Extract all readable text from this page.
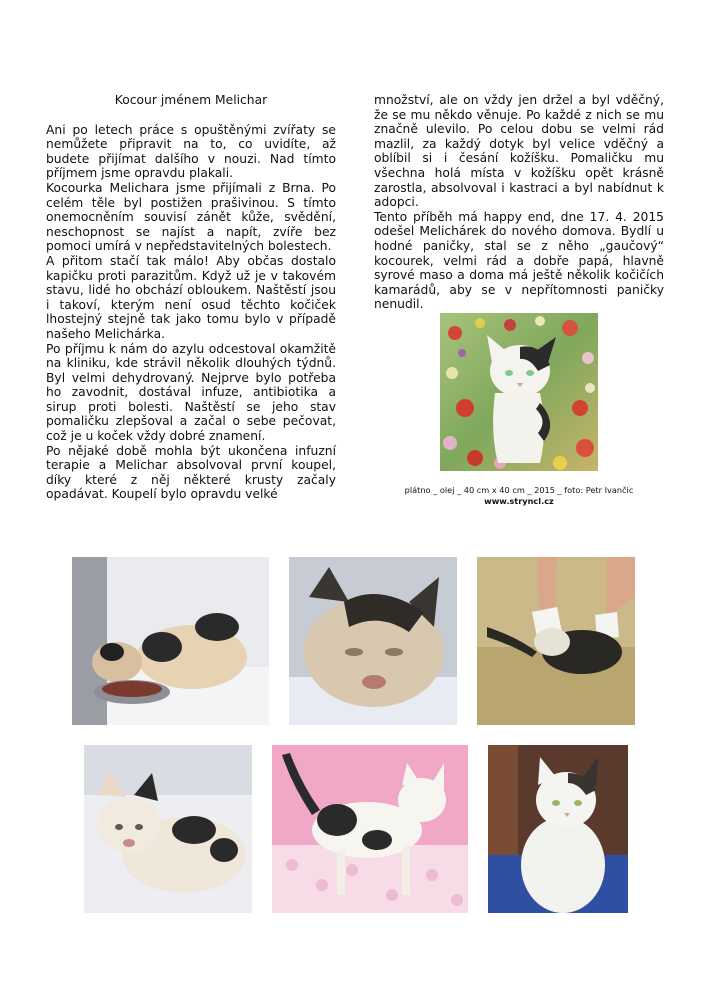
Kocour jménem Melichar

Ani po letech práce s opuštěnými zvířaty se nemůžete připravit na to, co uvidíte, až budete přijímat dalšího v nouzi. Nad tímto příjmem jsme opravdu plakali.

Kocourka Melichara jsme přijímali z Brna. Po celém těle byl postižen prašivinou. S tímto onemocněním souvisí zánět kůže, svědění, neschopnost se najíst a napít, zvíře bez pomoci umírá v nepředstavitelných bolestech.

A přitom stačí tak málo! Aby občas dostalo kapičku proti parazitům. Když už je v takovém stavu, lidé ho obchází obloukem. Naštěstí jsou i takoví, kterým není osud těchto kočiček lhostejný stejně tak jako tomu bylo v případě našeho Melichárka.

Po příjmu k nám do azylu odcestoval okamžitě na kliniku, kde strávil několik dlouhých týdnů. Byl velmi dehydrovaný. Nejprve bylo potřeba ho zavodnit, dostával infuze, antibiotika a sirup proti bolesti. Naštěstí se jeho stav pomaličku zlepšoval a začal o sebe pečovat, což je u koček vždy dobré znamení.

Po nějaké době mohla být ukončena infuzní terapie a Melichar absolvoval první koupel, díky které z něj některé krusty začaly opadávat. Koupelí bylo opravdu velké

množství, ale on vždy jen držel a byl vděčný, že se mu někdo věnuje. Po každé z nich se mu značně ulevilo. Po celou dobu se velmi rád mazlil, za každý dotyk byl velice vděčný a oblíbil si i česání kožíšku. Pomaličku mu všechna holá místa v kožíšku opět krásně zarostla, absolvoval i kastraci a byl nabídnut k adopci.

Tento příběh má happy end, dne 17. 4. 2015 odešel Melichárek do nového domova. Bydlí u hodné paničky, stal se z něho „gaučový“ kocourek, velmi rád a dobře papá, hlavně syrové maso a doma má ještě několik kočičích kamarádů, aby se v nepřítomnosti paničky nenudil.

plátno _ olej _ 40 cm x 40 cm _ 2015 _ foto: Petr Ivančic
www.stryncl.cz
